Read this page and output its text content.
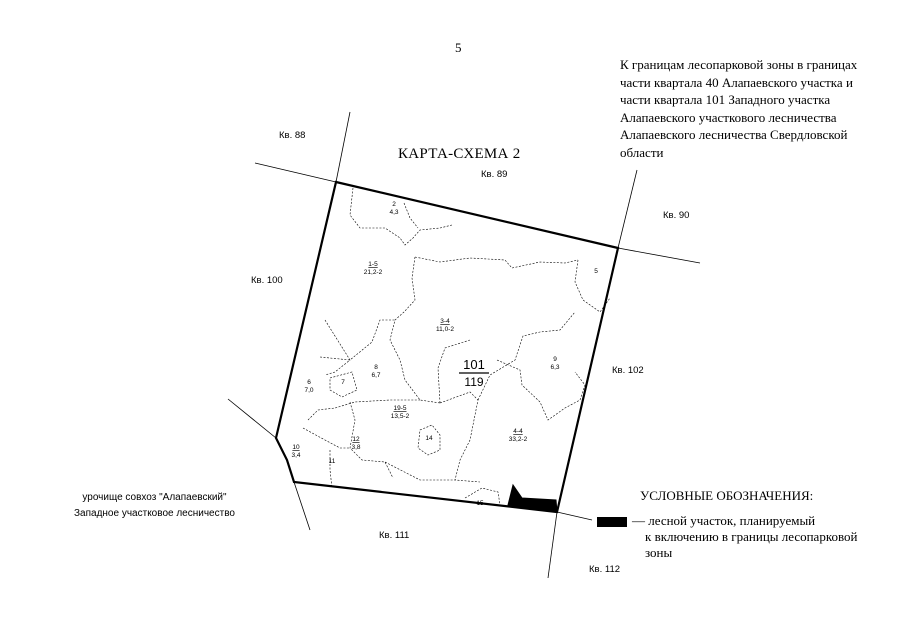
5
К границам лесопарковой зоны в границах
части квартала 40 Алапаевского участка и
части квартала 101 Западного участка
Алапаевского участкового лесничества
Алапаевского лесничества Свердловской
области
КАРТА-СХЕМА 2
101
119
2
4,3
1-5
21,2-2	5
3-4
11,0-2
9
6,3
8
6,7
6
7,0
7
19-5
13,5-2
4-4
33,2-2
10
3,4
12
3,8
14
11
15
Кв. 88
Кв. 89
Кв. 90
Кв. 100
Кв. 102
Кв. 111
Кв. 112
УСЛОВНЫЕ ОБОЗНАЧЕНИЯ:
— лесной участок, планируемый
к включению в границы лесопарковой
зоны
урочище совхоз "Алапаевский"
Западное участковое лесничество
